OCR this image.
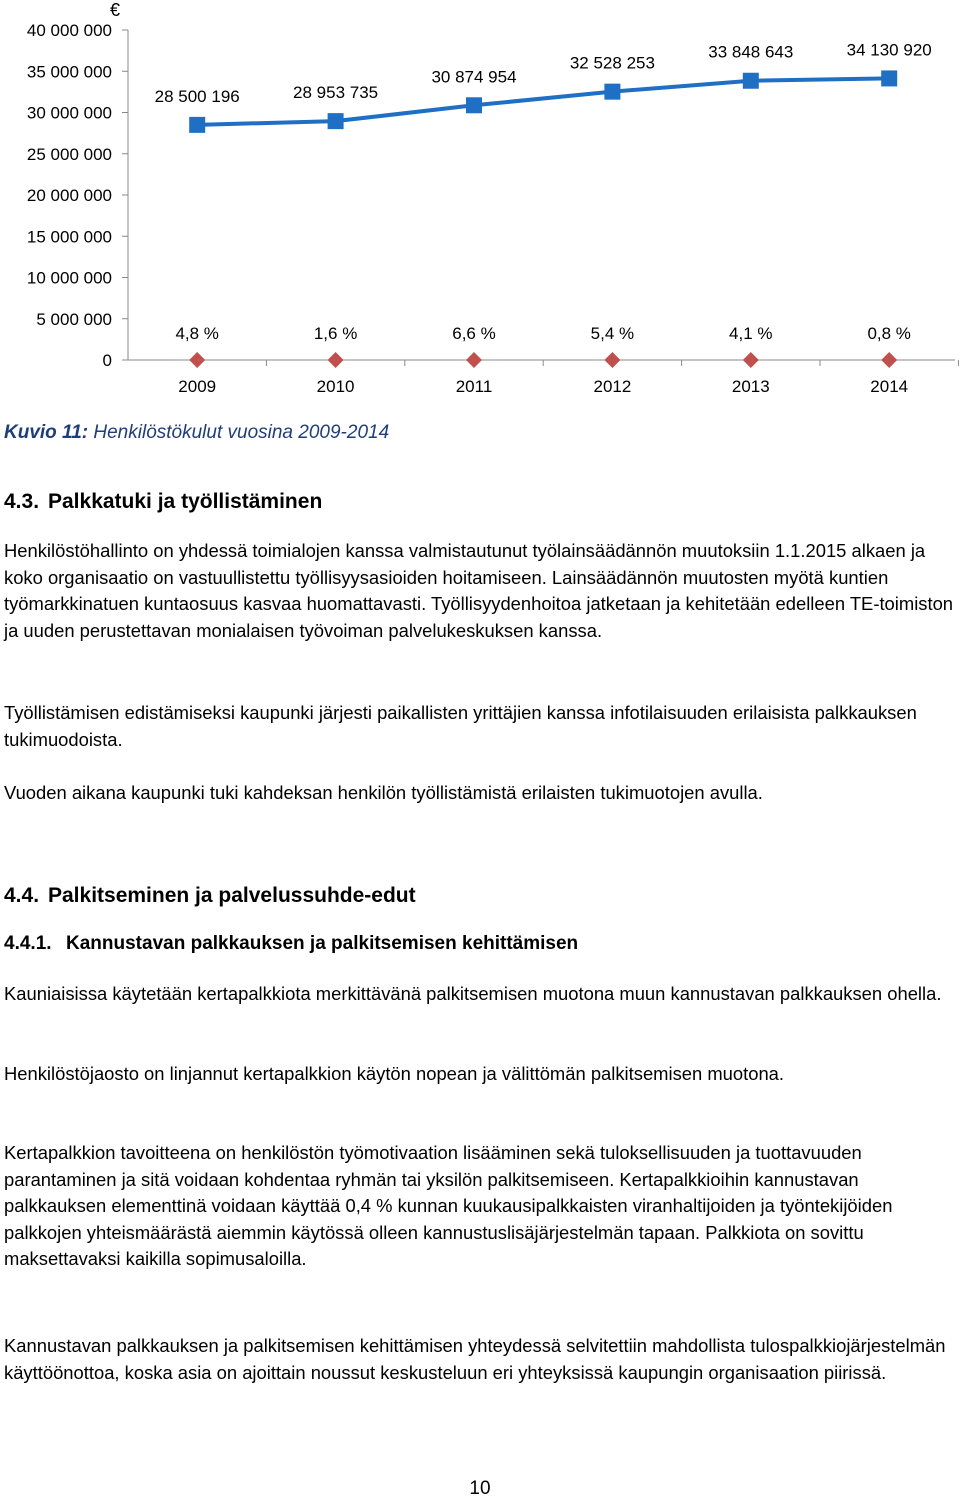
0
5 000 000
10 000 000
15 000 000
20 000 000
25 000 000
30 000 000
35 000 000
40 000 000
2009	2010	2011	2012	2013	2014
28 500 196	28 953 735
30 874 954
32 528 253
33 848 643	34 130 920
4,8 %	1,6 %	6,6 %	5,4 %	4,1 %	0,8 %
€
Kuvio 11: Henkilöstökulut vuosina 2009-2014
4.3. Palkkatuki ja työllistäminen

Henkilöstöhallinto on yhdessä toimialojen kanssa valmistautunut työlainsäädännön muutoksiin 1.1.2015 alkaen ja koko organisaatio on vastuullistettu työllisyysasioiden hoitamiseen. Lainsäädännön muutosten myötä kuntien työmarkkinatuen kuntaosuus kasvaa huomattavasti. Työllisyydenhoitoa jatketaan ja kehitetään edelleen TE-toimiston ja uuden perustettavan monialaisen työvoiman palvelukeskuksen kanssa.

Työllistämisen edistämiseksi kaupunki järjesti paikallisten yrittäjien kanssa infotilaisuuden erilaisista palkkauksen tukimuodoista.

Vuoden aikana kaupunki tuki kahdeksan henkilön työllistämistä erilaisten tukimuotojen avulla.

4.4. Palkitseminen ja palvelussuhde-edut
4.4.1. Kannustavan palkkauksen ja palkitsemisen kehittämisen

Kauniaisissa käytetään kertapalkkiota merkittävänä palkitsemisen muotona muun kannustavan palkkauksen ohella.

Henkilöstöjaosto on linjannut kertapalkkion käytön nopean ja välittömän palkitsemisen muotona.

Kertapalkkion tavoitteena on henkilöstön työmotivaation lisääminen sekä tuloksellisuuden ja tuottavuuden parantaminen ja sitä voidaan kohdentaa ryhmän tai yksilön palkitsemiseen. Kertapalkkioihin kannustavan palkkauksen elementtinä voidaan käyttää 0,4 % kunnan kuukausipalkkaisten viranhaltijoiden ja työntekijöiden palkkojen yhteismäärästä aiemmin käytössä olleen kannustuslisäjärjestelmän tapaan. Palkkiota on sovittu maksettavaksi kaikilla sopimusaloilla.

Kannustavan palkkauksen ja palkitsemisen kehittämisen yhteydessä selvitettiin mahdollista tulospalkkiojärjestelmän käyttöönottoa, koska asia on ajoittain noussut keskusteluun eri yhteyksissä kaupungin organisaation piirissä.

10
